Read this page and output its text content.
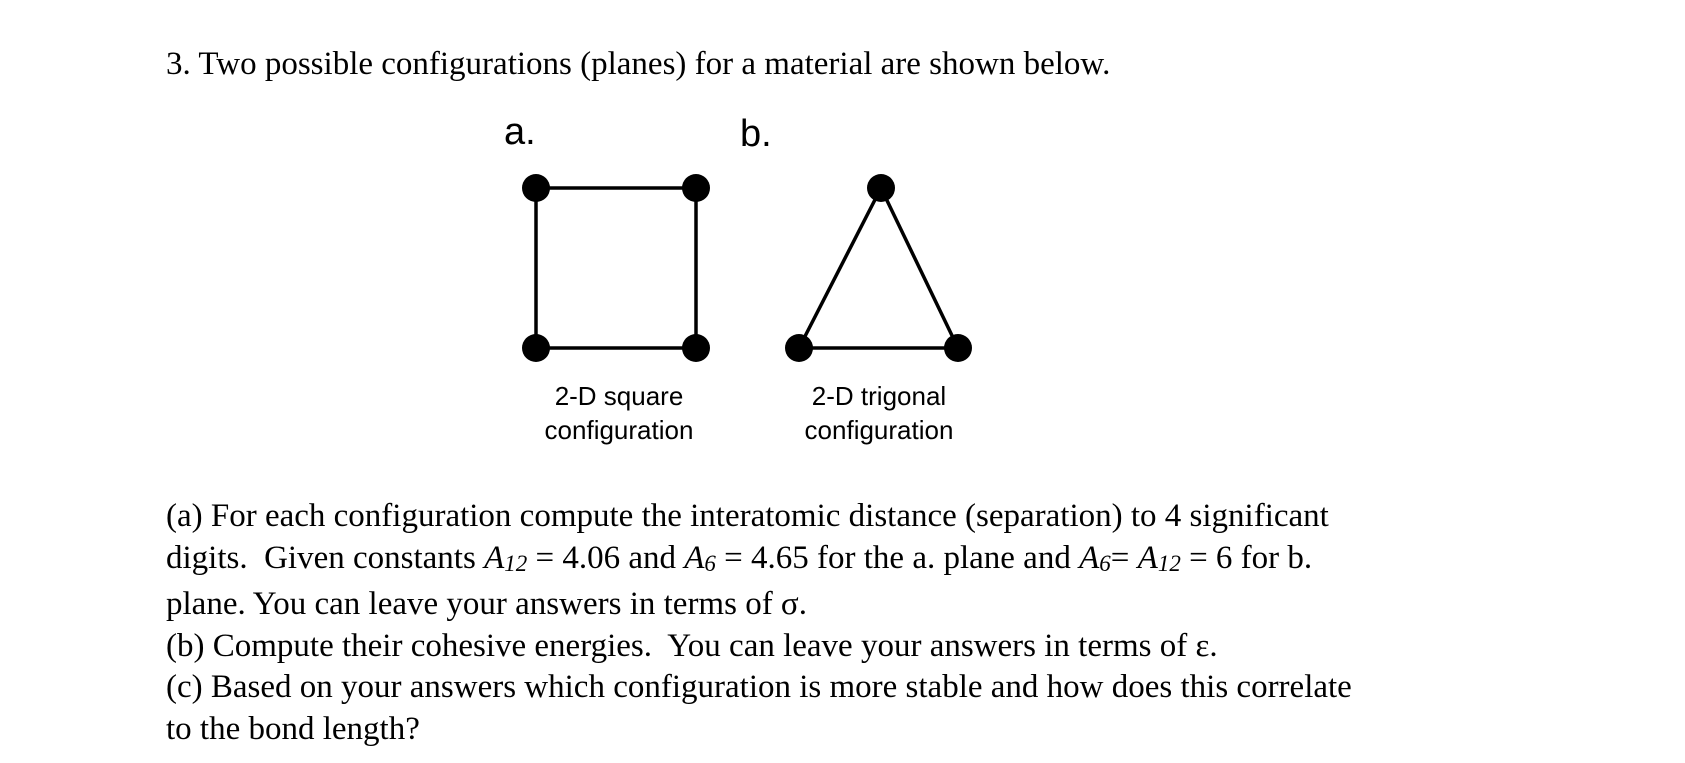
3. Two possible configurations (planes) for a material are shown below.
a.	b.
2-D square
configuration
2-D trigonal
configuration
(a) For each configuration compute the interatomic distance (separation) to 4 significant
digits.  Given constants A12 = 4.06 and A6 = 4.65 for the a. plane and A6= A12 = 6 for b.
plane. You can leave your answers in terms of σ.
(b) Compute their cohesive energies.  You can leave your answers in terms of ε.
(c) Based on your answers which configuration is more stable and how does this correlate
to the bond length?
